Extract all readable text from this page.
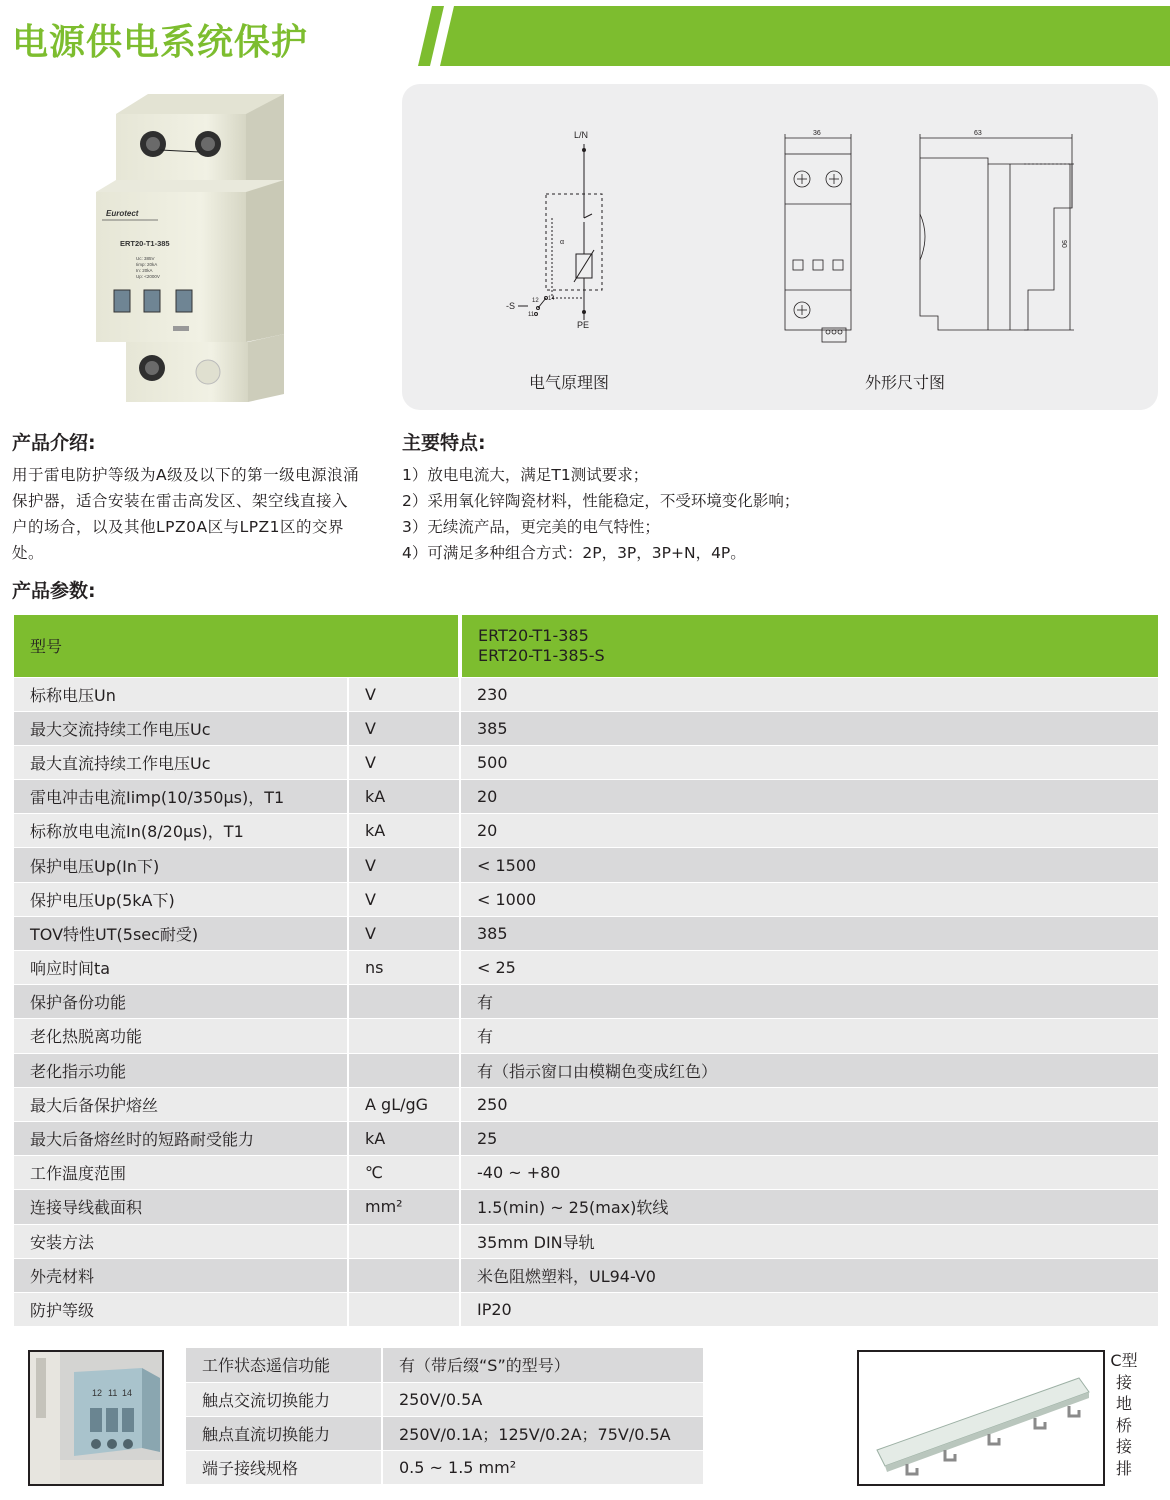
电源供电系统保护
Eurotect
ERT20-T1-385
Uc: 385V
Iimp: 20kA
In: 20kA
Up: <2000V
L/N
PE
-S	12 14
11
α
36	63
90
电气原理图	外形尺寸图
产品介绍:
用于雷电防护等级为A级及以下的第一级电源浪涌保护器，适合安装在雷击高发区、架空线直接入户的场合，以及其他LPZ0A区与LPZ1区的交界处。
主要特点:
1）放电电流大，满足T1测试要求；
2）采用氧化锌陶瓷材料，性能稳定，不受环境变化影响；
3）无续流产品，更完美的电气特性；
4）可满足多种组合方式：2P，3P，3P+N，4P。
产品参数:
型号		ERT20-T1-385
ERT20-T1-385-S

标称电压Un	V	230
最大交流持续工作电压Uc	V	385
最大直流持续工作电压Uc	V	500
雷电冲击电流Iimp(10/350μs)，T1	kA	20
标称放电电流In(8/20μs)，T1	kA	20
保护电压Up(In下)	V	< 1500
保护电压Up(5kA下)	V	< 1000
TOV特性UT(5sec耐受)	V	385
响应时间ta	ns	< 25
保护备份功能		有
老化热脱离功能		有
老化指示功能		有（指示窗口由模糊色变成红色）
最大后备保护熔丝	A gL/gG	250
最大后备熔丝时的短路耐受能力	kA	25
工作温度范围	℃	-40 ~ +80
连接导线截面积	mm²	1.5(min) ~ 25(max)软线
安装方法		35mm DIN导轨
外壳材料		米色阻燃塑料，UL94-V0
防护等级		IP20
12 11 14
工作状态遥信功能	有（带后缀“S”的型号）
触点交流切换能力	250V/0.5A
触点直流切换能力	250V/0.1A；125V/0.2A；75V/0.5A
端子接线规格	0.5 ~ 1.5 mm²
C型
接
地
桥
接
排
